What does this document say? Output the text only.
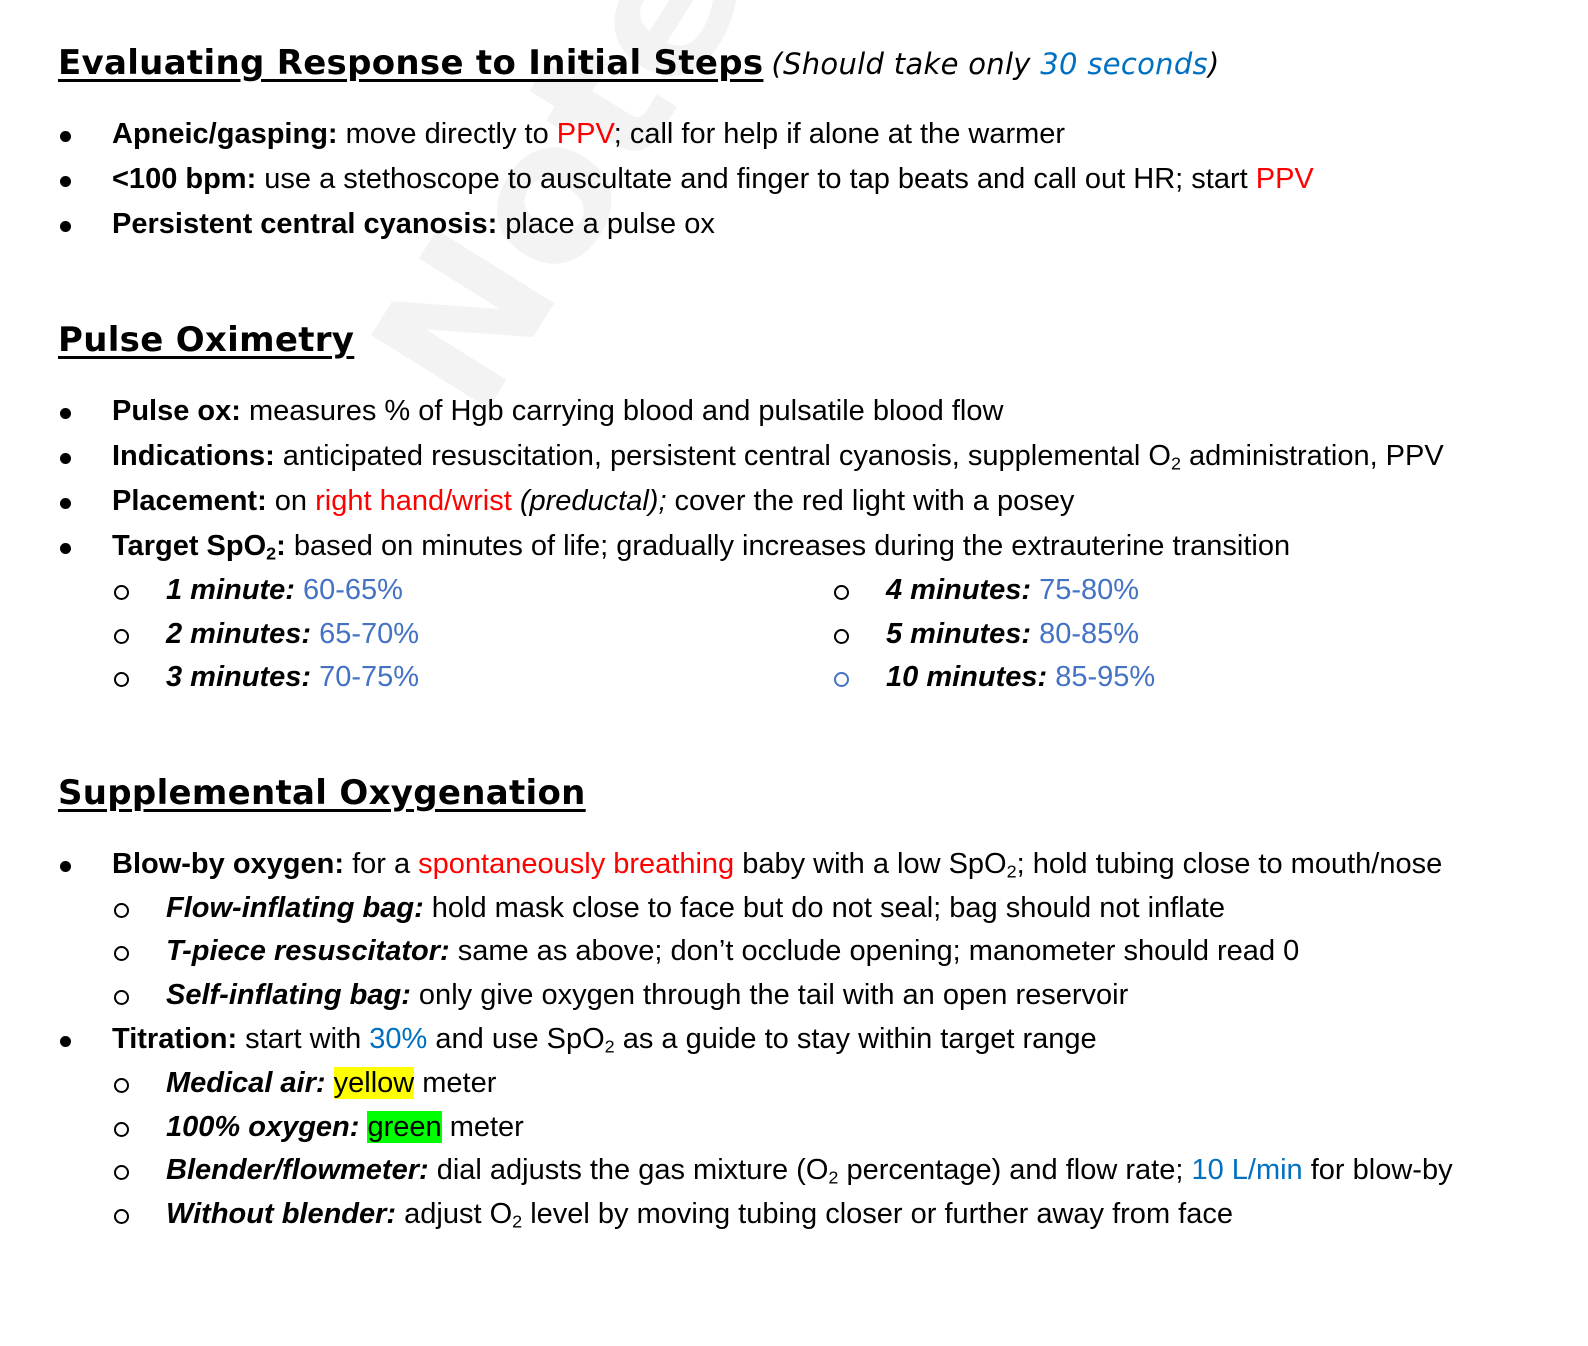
Evaluating Response to Initial Steps (Should take only 30 seconds)
Apneic/gasping: move directly to PPV; call for help if alone at the warmer
<100 bpm: use a stethoscope to auscultate and finger to tap beats and call out HR; start PPV
Persistent central cyanosis: place a pulse ox
Pulse Oximetry
Pulse ox: measures % of Hgb carrying blood and pulsatile blood flow
Indications: anticipated resuscitation, persistent central cyanosis, supplemental $O_2$ administration, PPV
Placement: on right hand/wrist (preductal); cover the red light with a posey
Target SpO$_2$: based on minutes of life; gradually increases during the extrauterine transition
1 minute: 60-65%
2 minutes: 65-70%
3 minutes: 70-75%
4 minutes: 75-80%
5 minutes: 80-85%
10 minutes: 85-95%
Supplemental Oxygenation
Blow-by oxygen: for a spontaneously breathing baby with a low SpO$_2$; hold tubing close to mouth/nose
Flow-inflating bag: hold mask close to face but do not seal; bag should not inflate
T-piece resuscitator: same as above; don’t occlude opening; manometer should read 0
Self-inflating bag: only give oxygen through the tail with an open reservoir
Titration: start with 30% and use SpO$_2$ as a guide to stay within target range
Medical air: yellow meter
100% oxygen: green meter
Blender/flowmeter: dial adjusts the gas mixture ($O_2$ percentage) and flow rate; 10 L/min for blow-by
Without blender: adjust $O_2$ level by moving tubing closer or further away from face
